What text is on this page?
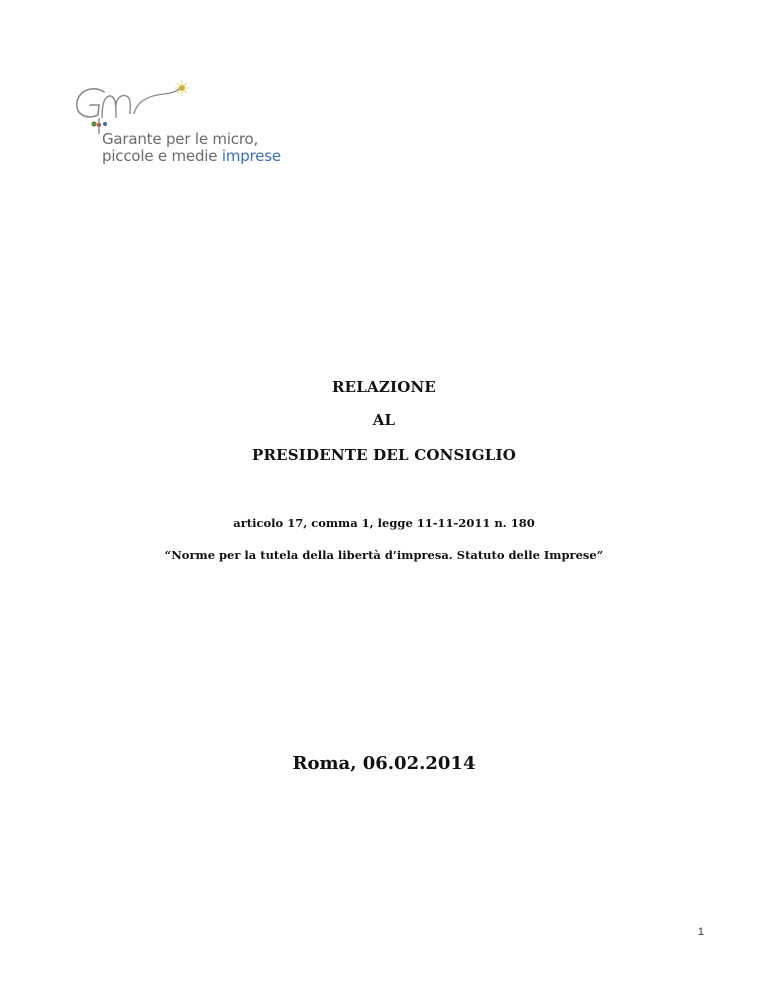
Garante per le micro,
piccole e medie imprese
RELAZIONE
AL
PRESIDENTE DEL CONSIGLIO
articolo 17, comma 1, legge 11-11-2011 n. 180
“Norme per la tutela della libertà d’impresa. Statuto delle Imprese”
Roma, 06.02.2014
1
